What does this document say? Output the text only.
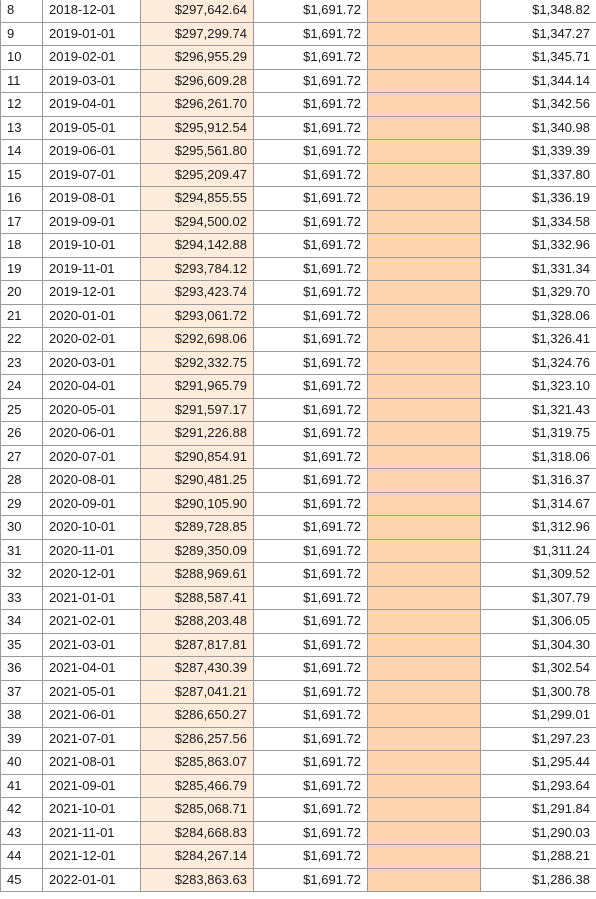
8	2018-12-01	$297,642.64	$1,691.72		$1,348.82
9	2019-01-01	$297,299.74	$1,691.72		$1,347.27
10	2019-02-01	$296,955.29	$1,691.72		$1,345.71
11	2019-03-01	$296,609.28	$1,691.72		$1,344.14
12	2019-04-01	$296,261.70	$1,691.72		$1,342.56
13	2019-05-01	$295,912.54	$1,691.72		$1,340.98
14	2019-06-01	$295,561.80	$1,691.72		$1,339.39
15	2019-07-01	$295,209.47	$1,691.72		$1,337.80
16	2019-08-01	$294,855.55	$1,691.72		$1,336.19
17	2019-09-01	$294,500.02	$1,691.72		$1,334.58
18	2019-10-01	$294,142.88	$1,691.72		$1,332.96
19	2019-11-01	$293,784.12	$1,691.72		$1,331.34
20	2019-12-01	$293,423.74	$1,691.72		$1,329.70
21	2020-01-01	$293,061.72	$1,691.72		$1,328.06
22	2020-02-01	$292,698.06	$1,691.72		$1,326.41
23	2020-03-01	$292,332.75	$1,691.72		$1,324.76
24	2020-04-01	$291,965.79	$1,691.72		$1,323.10
25	2020-05-01	$291,597.17	$1,691.72		$1,321.43
26	2020-06-01	$291,226.88	$1,691.72		$1,319.75
27	2020-07-01	$290,854.91	$1,691.72		$1,318.06
28	2020-08-01	$290,481.25	$1,691.72		$1,316.37
29	2020-09-01	$290,105.90	$1,691.72		$1,314.67
30	2020-10-01	$289,728.85	$1,691.72		$1,312.96
31	2020-11-01	$289,350.09	$1,691.72		$1,311.24
32	2020-12-01	$288,969.61	$1,691.72		$1,309.52
33	2021-01-01	$288,587.41	$1,691.72		$1,307.79
34	2021-02-01	$288,203.48	$1,691.72		$1,306.05
35	2021-03-01	$287,817.81	$1,691.72		$1,304.30
36	2021-04-01	$287,430.39	$1,691.72		$1,302.54
37	2021-05-01	$287,041.21	$1,691.72		$1,300.78
38	2021-06-01	$286,650.27	$1,691.72		$1,299.01
39	2021-07-01	$286,257.56	$1,691.72		$1,297.23
40	2021-08-01	$285,863.07	$1,691.72		$1,295.44
41	2021-09-01	$285,466.79	$1,691.72		$1,293.64
42	2021-10-01	$285,068.71	$1,691.72		$1,291.84
43	2021-11-01	$284,668.83	$1,691.72		$1,290.03
44	2021-12-01	$284,267.14	$1,691.72		$1,288.21
45	2022-01-01	$283,863.63	$1,691.72		$1,286.38
